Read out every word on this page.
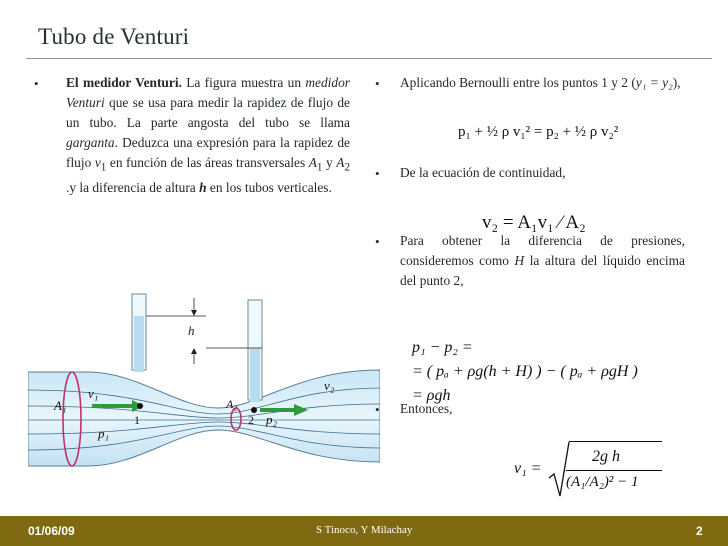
Tubo de Venturi
• El medidor Venturi. La figura muestra un medidor Venturi que se usa para medir la rapidez de flujo de un tubo. La parte angosta del tubo se llama garganta. Deduzca una expresión para la rapidez de flujo $v_1$ en función de las áreas transversales $A_1$ y $A_2$ .y la diferencia de altura h en los tubos verticales.
h
A₁
v₁
p₁
1
A₂
2 p₂
v₂
• Aplicando Bernoulli entre los puntos 1 y 2 (y₁ = y₂),
p₁ + ½ ρ v₁² = p₂ + ½ ρ v₂²
• De la ecuación de continuidad,
v₂ = A₁v₁ ⁄ A₂
• Para obtener la diferencia de presiones, consideremos como H la altura del líquido encima del punto 2,
p₁ − p₂ =
= ( pₐ + ρg(h + H) ) − ( pₐ + ρgH )
= ρgh
• Entonces,
v₁ =
2g h
(A₁/A₂)² − 1
01/06/09	S Tinoco, Y Milachay	2
